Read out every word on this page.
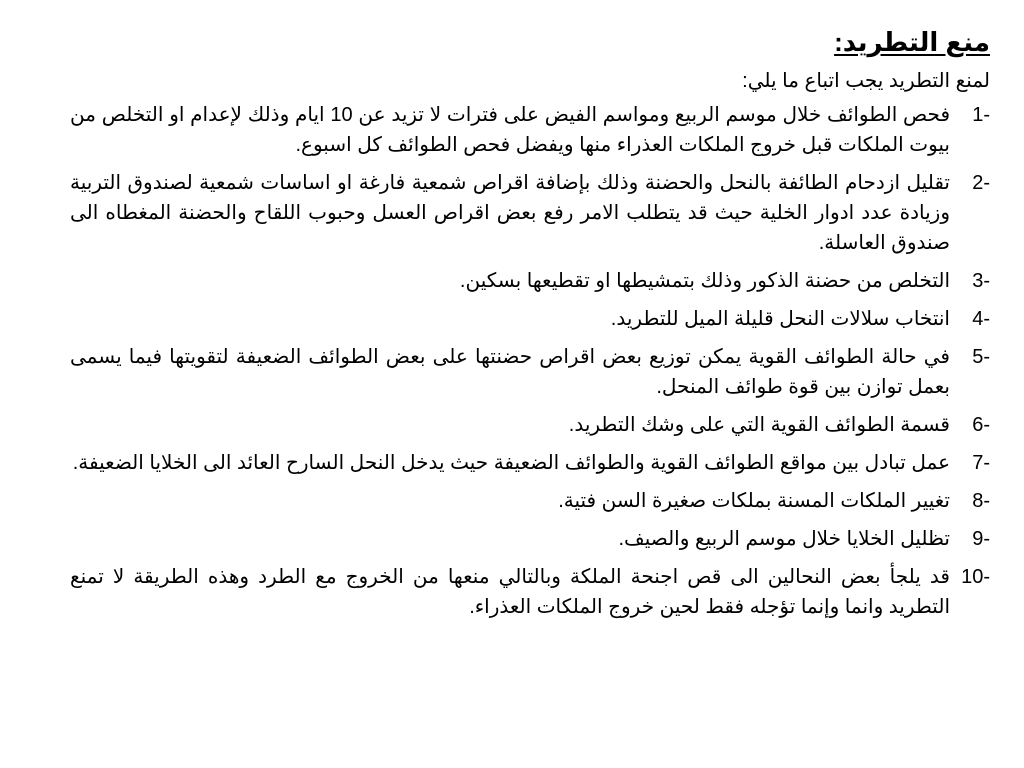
منع التطريد:

لمنع التطريد يجب اتباع ما يلي:

1-
فحص الطوائف خلال موسم الربيع ومواسم الفيض على فترات لا تزيد عن 10 ايام وذلك لإعدام او التخلص من بيوت الملكات قبل خروج الملكات العذراء منها ويفضل فحص الطوائف كل اسبوع.
2-
تقليل ازدحام الطائفة بالنحل والحضنة وذلك بإضافة اقراص شمعية فارغة او اساسات شمعية لصندوق التربية وزيادة عدد ادوار الخلية حيث قد يتطلب الامر رفع بعض اقراص العسل وحبوب اللقاح والحضنة المغطاه الى صندوق العاسلة.
3-
التخلص من حضنة الذكور وذلك بتمشيطها او تقطيعها بسكين.
4-
انتخاب سلالات النحل قليلة الميل للتطريد.
5-
في حالة الطوائف القوية يمكن توزيع بعض اقراص حضنتها على بعض الطوائف الضعيفة لتقويتها فيما يسمى بعمل توازن بين قوة طوائف المنحل.
6-
قسمة الطوائف القوية التي على وشك التطريد.
7-
عمل تبادل بين مواقع الطوائف القوية والطوائف الضعيفة حيث يدخل النحل السارح العائد الى الخلايا الضعيفة.
8-
تغيير الملكات المسنة بملكات صغيرة السن فتية.
9-
تظليل الخلايا خلال موسم الربيع والصيف.
10-
قد يلجأ بعض النحالين الى قص اجنحة الملكة وبالتالي منعها من الخروج مع الطرد وهذه الطريقة لا تمنع التطريد وانما وإنما تؤجله فقط لحين خروج الملكات العذراء.
